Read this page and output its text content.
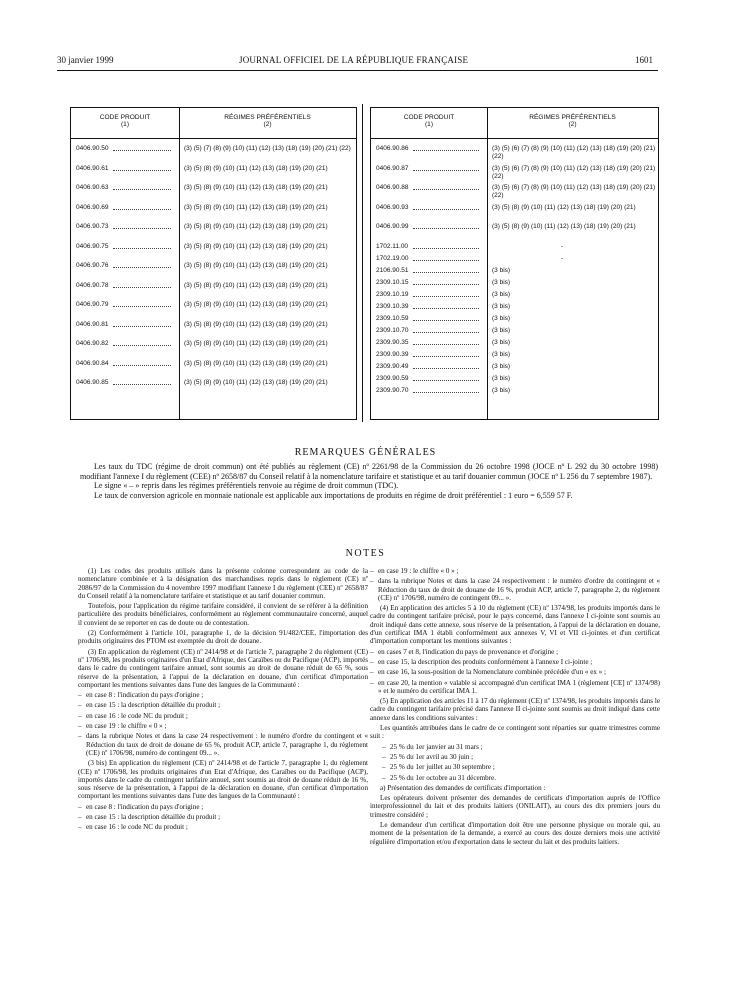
30 janvier 1999	JOURNAL OFFICIEL DE LA RÉPUBLIQUE FRANÇAISE	1601
CODE PRODUIT
(1)
RÉGIMES PRÉFÉRENTIELS
(2)
0406.90.50	(3) (5) (7) (8) (9) (10) (11) (12) (13) (18) (19) (20) (21) (22)
0406.90.61	(3) (5) (8) (9) (10) (11) (12) (13) (18) (19) (20) (21)
0406.90.63	(3) (5) (8) (9) (10) (11) (12) (13) (18) (19) (20) (21)
0406.90.69	(3) (5) (8) (9) (10) (11) (12) (13) (18) (19) (20) (21)
0406.90.73	(3) (5) (8) (9) (10) (11) (12) (13) (18) (19) (20) (21)
0406.90.75	(3) (5) (8) (9) (10) (11) (12) (13) (18) (19) (20) (21)
0406.90.76	(3) (5) (8) (9) (10) (11) (12) (13) (18) (19) (20) (21)
0406.90.78	(3) (5) (8) (9) (10) (11) (12) (13) (18) (19) (20) (21)
0406.90.79	(3) (5) (8) (9) (10) (11) (12) (13) (18) (19) (20) (21)
0406.90.81	(3) (5) (8) (9) (10) (11) (12) (13) (18) (19) (20) (21)
0406.90.82	(3) (5) (8) (9) (10) (11) (12) (13) (18) (19) (20) (21)
0406.90.84	(3) (5) (8) (9) (10) (11) (12) (13) (18) (19) (20) (21)
0406.90.85	(3) (5) (8) (9) (10) (11) (12) (13) (18) (19) (20) (21)
CODE PRODUIT
(1)
RÉGIMES PRÉFÉRENTIELS
(2)
0406.90.86	(3) (5) (6) (7) (8) (9) (10) (11) (12) (13) (18) (19) (20) (21) (22)
0406.90.87	(3) (5) (6) (7) (8) (9) (10) (11) (12) (13) (18) (19) (20) (21) (22)
0406.90.88	(3) (5) (6) (7) (8) (9) (10) (11) (12) (13) (18) (19) (20) (21) (22)
0406.90.93	(3) (5) (8) (9) (10) (11) (12) (13) (18) (19) (20) (21)
0406.90.99	(3) (5) (8) (9) (10) (11) (12) (13) (18) (19) (20) (21)
1702.11.00	-
1702.19.00	-
2106.90.51	(3 bis)
2309.10.15	(3 bis)
2309.10.19	(3 bis)
2309.10.39	(3 bis)
2309.10.59	(3 bis)
2309.10.70	(3 bis)
2309.90.35	(3 bis)
2309.90.39	(3 bis)
2309.90.49	(3 bis)
2309.90.59	(3 bis)
2309.90.70	(3 bis)
REMARQUES GÉNÉRALES

Les taux du TDC (régime de droit commun) ont été publiés au règlement (CE) nº 2261/98 de la Commission du 26 octobre 1998 (JOCE nº L 292 du 30 octobre 1998) modifiant l'annexe I du règlement (CEE) nº 2658/87 du Conseil relatif à la nomenclature tarifaire et statistique et au tarif douanier commun (JOCE nº L 256 du 7 septembre 1987).

Le signe « – » repris dans les régimes préférentiels renvoie au régime de droit commun (TDC).

Le taux de conversion agricole en monnaie nationale est applicable aux importations de produits en régime de droit préférentiel : 1 euro = 6,559 57 F.

NOTES

(1) Les codes des produits utilisés dans la présente colonne correspondent au code de la nomenclature combinée et à la désignation des marchandises repris dans le règlement (CE) nº 2086/97 de la Commission du 4 novembre 1997 modifiant l'annexe I du règlement (CEE) nº 2658/87 du Conseil relatif à la nomenclature tarifaire et statistique et au tarif douanier commun.

Toutefois, pour l'application du régime tarifaire considéré, il convient de se référer à la définition particulière des produits bénéficiaires, conformément au règlement communautaire concerné, auquel il convient de se reporter en cas de doute ou de contestation.

(2) Conformément à l'article 101, paragraphe 1, de la décision 91/482/CEE, l'importation des produits originaires des PTOM est exemptée du droit de douane.

(3) En application du règlement (CE) nº 2414/98 et de l'article 7, paragraphe 2 du règlement (CE) nº 1706/98, les produits originaires d'un Etat d'Afrique, des Caraïbes ou du Pacifique (ACP), importés dans le cadre du contingent tarifaire annuel, sont soumis au droit de douane réduit de 65 %, sous réserve de la présentation, à l'appui de la déclaration en douane, d'un certificat d'importation comportant les mentions suivantes dans l'une des langues de la Communauté :

– en case 8 : l'indication du pays d'origine ;

– en case 15 : la description détaillée du produit ;

– en case 16 : le code NC du produit ;

– en case 19 : le chiffre « 0 » ;

– dans la rubrique Notes et dans la case 24 respectivement : le numéro d'ordre du contingent et « Réduction du taux de droit de douane de 65 %, produit ACP, article 7, paragraphe 1, du règlement (CE) nº 1706/98, numéro de contingent 09... ».

(3 bis) En application du règlement (CE) nº 2414/98 et de l'article 7, paragraphe 1, du règlement (CE) nº 1706/98, les produits originaires d'un Etat d'Afrique, des Caraïbes ou du Pacifique (ACP), importés dans le cadre du contingent tarifaire annuel, sont soumis au droit de douane réduit de 16 %, sous réserve de la présentation, à l'appui de la déclaration en douane, d'un certificat d'importation comportant les mentions suivantes dans l'une des langues de la Communauté :

– en case 8 : l'indication du pays d'origine ;

– en case 15 : la description détaillée du produit ;

– en case 16 : le code NC du produit ;

– en case 19 : le chiffre « 0 » ;

– dans la rubrique Notes et dans la case 24 respectivement : le numéro d'ordre du contingent et « Réduction du taux de droit de douane de 16 %, produit ACP, article 7, paragraphe 2, du règlement (CE) nº 1706/98, numéro de contingent 09... ».

(4) En application des articles 5 à 10 du règlement (CE) nº 1374/98, les produits importés dans le cadre du contingent tarifaire précisé, pour le pays concerné, dans l'annexe I ci-jointe sont soumis au droit indiqué dans cette annexe, sous réserve de la présentation, à l'appui de la déclaration en douane, d'un certificat IMA 1 établi conformément aux annexes V, VI et VII ci-jointes et d'un certificat d'importation comportant les mentions suivantes :

– en cases 7 et 8, l'indication du pays de provenance et d'origine ;

– en case 15, la description des produits conformément à l'annexe I ci-jointe ;

– en case 16, la sous-position de la Nomenclature combinée précédée d'un « ex » ;

– en case 20, la mention « valable si accompagné d'un certificat IMA 1 (règlement [CE] nº 1374/98) » et le numéro du certificat IMA 1.

(5) En application des articles 11 à 17 du règlement (CE) nº 1374/98, les produits importés dans le cadre du contingent tarifaire précisé dans l'annexe II ci-jointe sont soumis au droit indiqué dans cette annexe dans les conditions suivantes :

Les quantités attribuées dans le cadre de ce contingent sont réparties sur quatre trimestres comme suit :

– 25 % du 1er janvier au 31 mars ;

– 25 % du 1er avril au 30 juin ;

– 25 % du 1er juillet au 30 septembre ;

– 25 % du 1er octobre au 31 décembre.

a) Présentation des demandes de certificats d'importation :

Les opérateurs doivent présenter des demandes de certificats d'importation auprès de l'Office interprofessionnel du lait et des produits laitiers (ONILAIT), au cours des dix premiers jours du trimestre considéré ;

Le demandeur d'un certificat d'importation doit être une personne physique ou morale qui, au moment de la présentation de la demande, a exercé au cours des douze derniers mois une activité régulière d'importation et/ou d'exportation dans le secteur du lait et des produits laitiers.
